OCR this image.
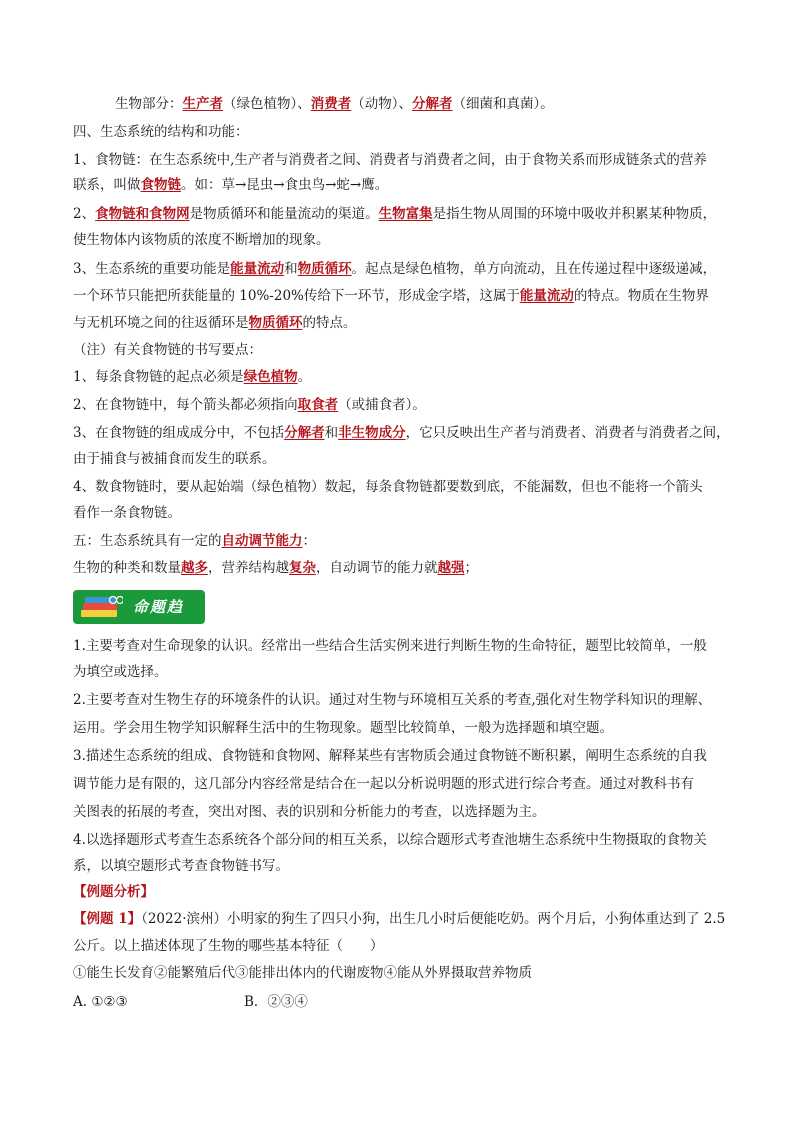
生物部分：生产者（绿色植物）、消费者（动物）、分解者（细菌和真菌）。
四、生态系统的结构和功能：
1、食物链：在生态系统中,生产者与消费者之间、消费者与消费者之间，由于食物关系而形成链条式的营养
联系，叫做食物链。如：草→昆虫→食虫鸟→蛇→鹰。
2、食物链和食物网是物质循环和能量流动的渠道。生物富集是指生物从周围的环境中吸收并积累某种物质，
使生物体内该物质的浓度不断增加的现象。
3、生态系统的重要功能是能量流动和物质循环。起点是绿色植物，单方向流动，且在传递过程中逐级递减，
一个环节只能把所获能量的 10%-20%传给下一环节，形成金字塔，这属于能量流动的特点。物质在生物界
与无机环境之间的往返循环是物质循环的特点。
（注）有关食物链的书写要点：
1、每条食物链的起点必须是绿色植物。
2、在食物链中，每个箭头都必须指向取食者（或捕食者）。
3、在食物链的组成成分中，不包括分解者和非生物成分，它只反映出生产者与消费者、消费者与消费者之间，
由于捕食与被捕食而发生的联系。
4、数食物链时，要从起始端（绿色植物）数起，每条食物链都要数到底，不能漏数，但也不能将一个箭头
看作一条食物链。
五：生态系统具有一定的自动调节能力：
生物的种类和数量越多，营养结构越复杂，自动调节的能力就越强；
命题趋
1.主要考查对生命现象的认识。经常出一些结合生活实例来进行判断生物的生命特征，题型比较简单，一般
为填空或选择。
2.主要考查对生物生存的环境条件的认识。通过对生物与环境相互关系的考查,强化对生物学科知识的理解、
运用。学会用生物学知识解释生活中的生物现象。题型比较简单，一般为选择题和填空题。
3.描述生态系统的组成、食物链和食物网、解释某些有害物质会通过食物链不断积累，阐明生态系统的自我
调节能力是有限的，这几部分内容经常是结合在一起以分析说明题的形式进行综合考查。通过对教科书有
关图表的拓展的考查，突出对图、表的识别和分析能力的考查，以选择题为主。
4.以选择题形式考查生态系统各个部分间的相互关系，以综合题形式考查池塘生态系统中生物摄取的食物关
系，以填空题形式考查食物链书写。
【例题分析】
【例题 1】（2022·滨州）小明家的狗生了四只小狗，出生几小时后便能吃奶。两个月后，小狗体重达到了 2.5
公斤。以上描述体现了生物的哪些基本特征（　　）
①能生长发育②能繁殖后代③能排出体内的代谢废物④能从外界摄取营养物质
A. ①②③	B．②③④
